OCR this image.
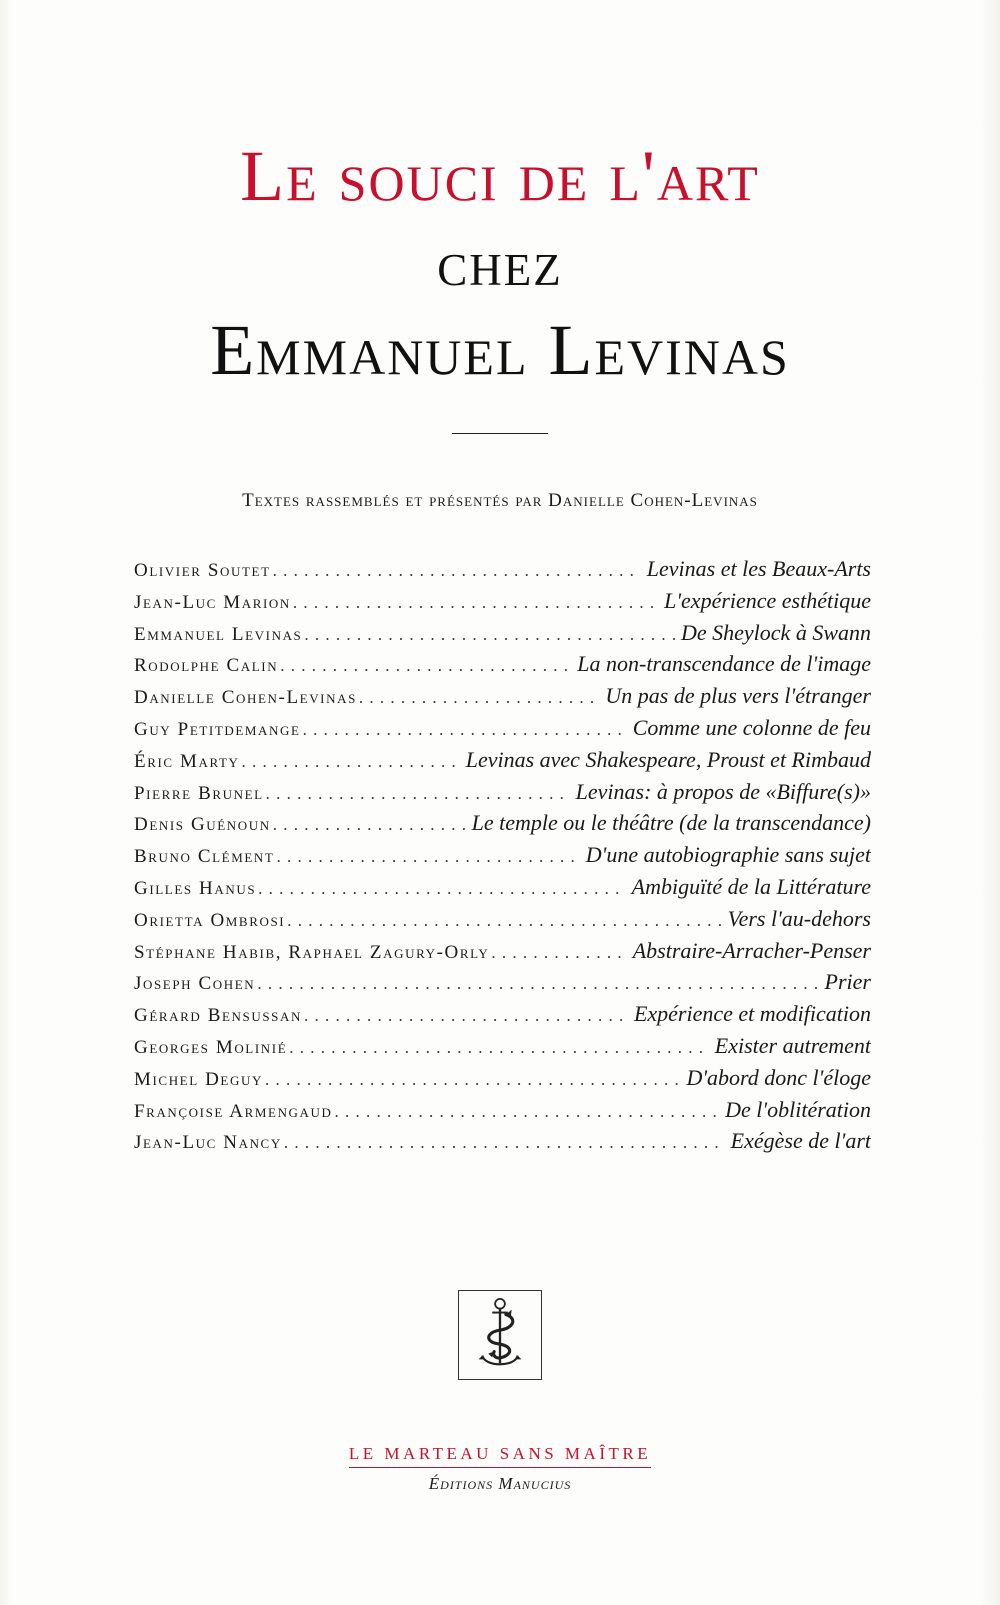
Le souci de l'art
chez
Emmanuel Levinas
Textes rassemblés et présentés par Danielle Cohen-Levinas
Olivier Soutet . . .	Levinas et les Beaux-Arts
Jean-Luc Marion . . .	L'expérience esthétique
Emmanuel Levinas . . .	De Sheylock à Swann
Rodolphe Calin . . .	La non-transcendance de l'image
Danielle Cohen-Levinas . . .	Un pas de plus vers l'étranger
Guy Petitdemange . . .	Comme une colonne de feu
Éric Marty . . .	Levinas avec Shakespeare, Proust et Rimbaud
Pierre Brunel . . .	Levinas: à propos de «Biffure(s)»
Denis Guénoun . . .	Le temple ou le théâtre (de la transcendance)
Bruno Clément . . .	D'une autobiographie sans sujet
Gilles Hanus . . .	Ambiguïté de la Littérature
Orietta Ombrosi . . .	Vers l'au-dehors
Stéphane Habib, Raphael Zagury-Orly . . .	Abstraire-Arracher-Penser
Joseph Cohen . . .	Prier
Gérard Bensussan . . .	Expérience et modification
Georges Molinié . . .	Exister autrement
Michel Deguy . . .	D'abord donc l'éloge
Françoise Armengaud . . .	De l'oblitération
Jean-Luc Nancy . . .	Exégèse de l'art
LE MARTEAU SANS MAÎTRE
Éditions Manucius
